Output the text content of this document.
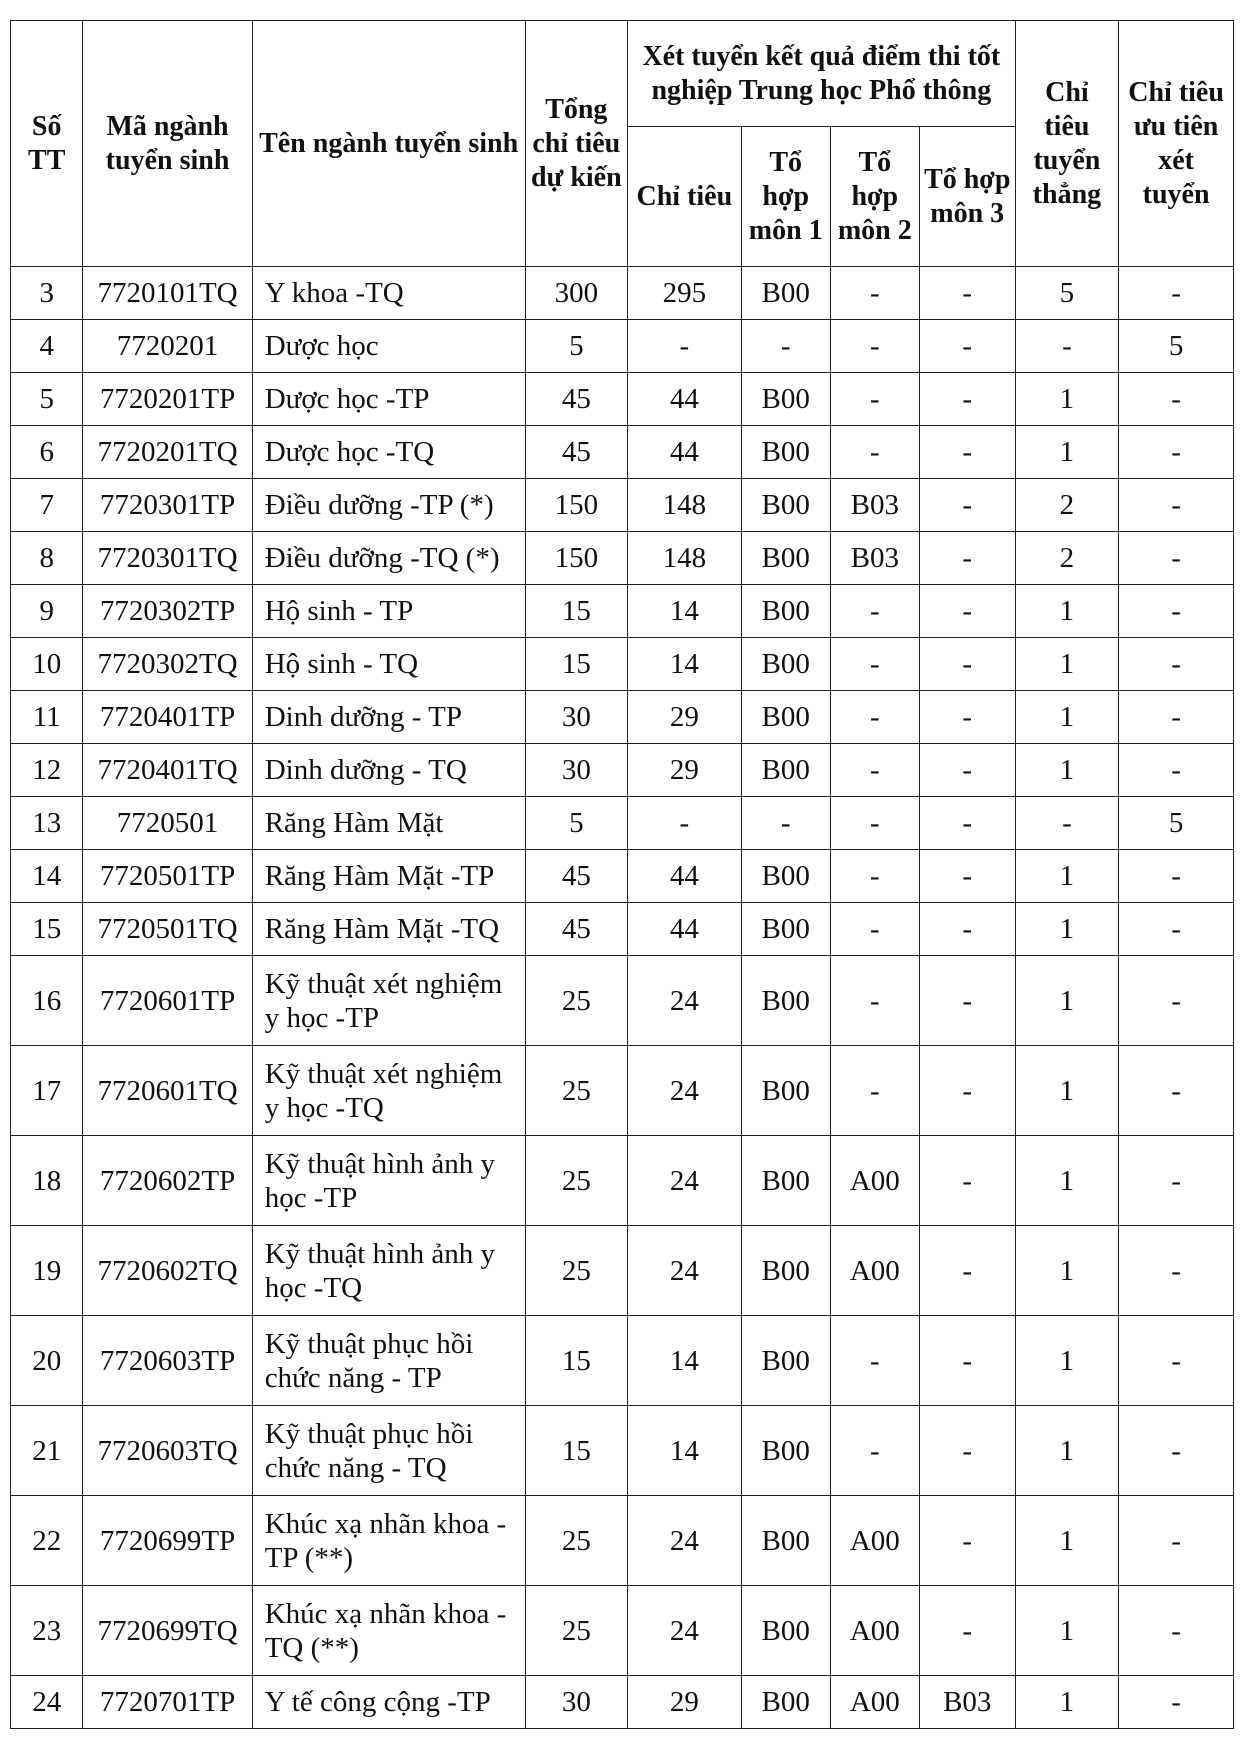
Số TT	Mã ngành tuyển sinh	Tên ngành tuyển sinh	Tổng chỉ tiêu dự kiến	Xét tuyển kết quả điểm thi tốt nghiệp Trung học Phổ thông				Chỉ tiêu tuyển thẳng	Chỉ tiêu ưu tiên xét tuyển
				Chỉ tiêu	Tổ hợp môn 1	Tổ hợp môn 2	Tổ hợp môn 3		
3	7720101TQ	Y khoa -TQ	300	295	B00	-	-	5	-
4	7720201	Dược học	5	-	-	-	-	-	5
5	7720201TP	Dược học -TP	45	44	B00	-	-	1	-
6	7720201TQ	Dược học -TQ	45	44	B00	-	-	1	-
7	7720301TP	Điều dưỡng -TP (*)	150	148	B00	B03	-	2	-
8	7720301TQ	Điều dưỡng -TQ (*)	150	148	B00	B03	-	2	-
9	7720302TP	Hộ sinh - TP	15	14	B00	-	-	1	-
10	7720302TQ	Hộ sinh - TQ	15	14	B00	-	-	1	-
11	7720401TP	Dinh dưỡng - TP	30	29	B00	-	-	1	-
12	7720401TQ	Dinh dưỡng - TQ	30	29	B00	-	-	1	-
13	7720501	Răng Hàm Mặt	5	-	-	-	-	-	5
14	7720501TP	Răng Hàm Mặt -TP	45	44	B00	-	-	1	-
15	7720501TQ	Răng Hàm Mặt -TQ	45	44	B00	-	-	1	-
16	7720601TP	Kỹ thuật xét nghiệm y học -TP	25	24	B00	-	-	1	-
17	7720601TQ	Kỹ thuật xét nghiệm y học -TQ	25	24	B00	-	-	1	-
18	7720602TP	Kỹ thuật hình ảnh y học -TP	25	24	B00	A00	-	1	-
19	7720602TQ	Kỹ thuật hình ảnh y học -TQ	25	24	B00	A00	-	1	-
20	7720603TP	Kỹ thuật phục hồi chức năng - TP	15	14	B00	-	-	1	-
21	7720603TQ	Kỹ thuật phục hồi chức năng - TQ	15	14	B00	-	-	1	-
22	7720699TP	Khúc xạ nhãn khoa - TP (**)	25	24	B00	A00	-	1	-
23	7720699TQ	Khúc xạ nhãn khoa - TQ (**)	25	24	B00	A00	-	1	-
24	7720701TP	Y tế công cộng -TP	30	29	B00	A00	B03	1	-
